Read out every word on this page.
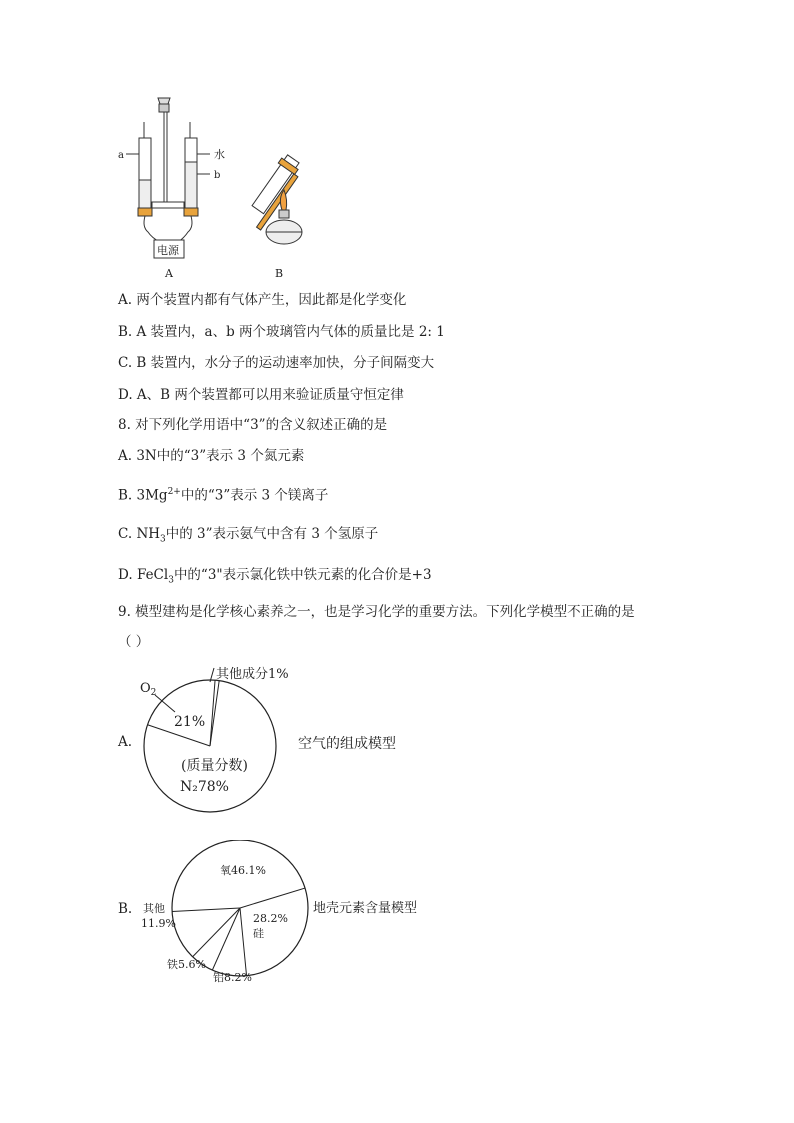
a	水
b
电源
A	B
A. 两个装置内都有气体产生，因此都是化学变化
B. A 装置内，a、b 两个玻璃管内气体的质量比是 2: 1
C. B 装置内，水分子的运动速率加快，分子间隔变大
D. A、B 两个装置都可以用来验证质量守恒定律
8. 对下列化学用语中“3”的含义叙述正确的是
A. 3N中的“3”表示 3 个氮元素
B. $3Mg^{2+}$中的“3”表示 3 个镁离子
C. $NH_3$中的 3”表示氨气中含有 3 个氢原子
D. FeCl$_3$中的“3"表示氯化铁中铁元素的化合价是+3
9. 模型建构是化学核心素养之一，也是学习化学的重要方法。下列化学模型不正确的是
（ ）
A.
B.
$O_2$
21%
其他成分1%
(质量分数)
N₂78%
空气的组成模型
氧46.1%
28.2%
硅
其他
11.9%
铁5.6%
铝8.2%
地壳元素含量模型
